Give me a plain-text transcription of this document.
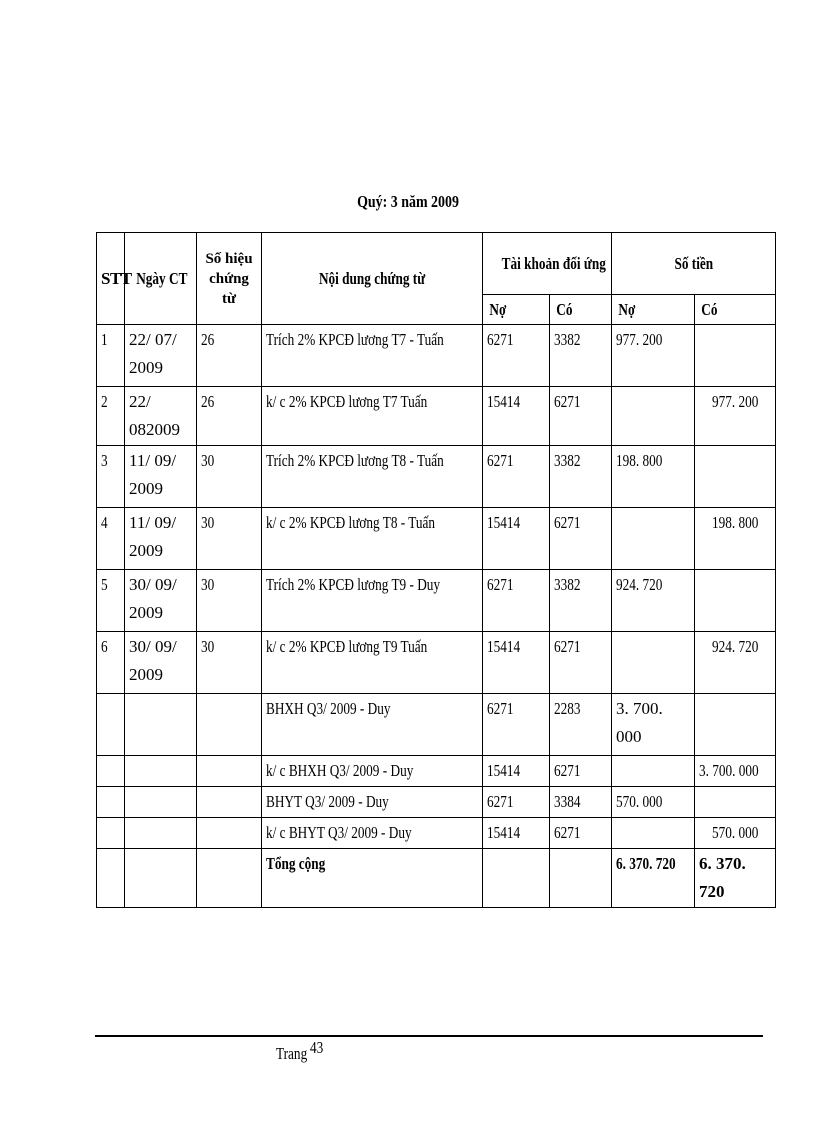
Quý: 3 năm 2009
STT	Ngày CT	Số hiệu chứng từ	Nội dung chứng từ	Tài khoản đối ứng		Số tiền	
				Nợ	Có	Nợ	Có
1	22/ 07/ 2009	26	Trích 2% KPCĐ lương T7 - Tuấn	6271	3382	977. 200	
2	22/ 082009	26	k/ c 2% KPCĐ lương T7 Tuấn	15414	6271		977. 200
3	11/ 09/ 2009	30	Trích 2% KPCĐ lương T8 - Tuấn	6271	3382	198. 800	
4	11/ 09/ 2009	30	k/ c 2% KPCĐ lương T8 - Tuấn	15414	6271		198. 800
5	30/ 09/ 2009	30	Trích 2% KPCĐ lương T9 - Duy	6271	3382	924. 720	
6	30/ 09/ 2009	30	k/ c 2% KPCĐ lương T9 Tuấn	15414	6271		924. 720

		BHXH Q3/ 2009 - Duy	6271	2283	3. 700. 000	

		k/ c BHXH Q3/ 2009 - Duy	15414	6271		3. 700. 000

		BHYT Q3/ 2009 - Duy	6271	3384	570. 000	

		k/ c BHYT Q3/ 2009 - Duy	15414	6271		570. 000
			Tổng cộng			6. 370. 720	6. 370. 720
Trang 43
